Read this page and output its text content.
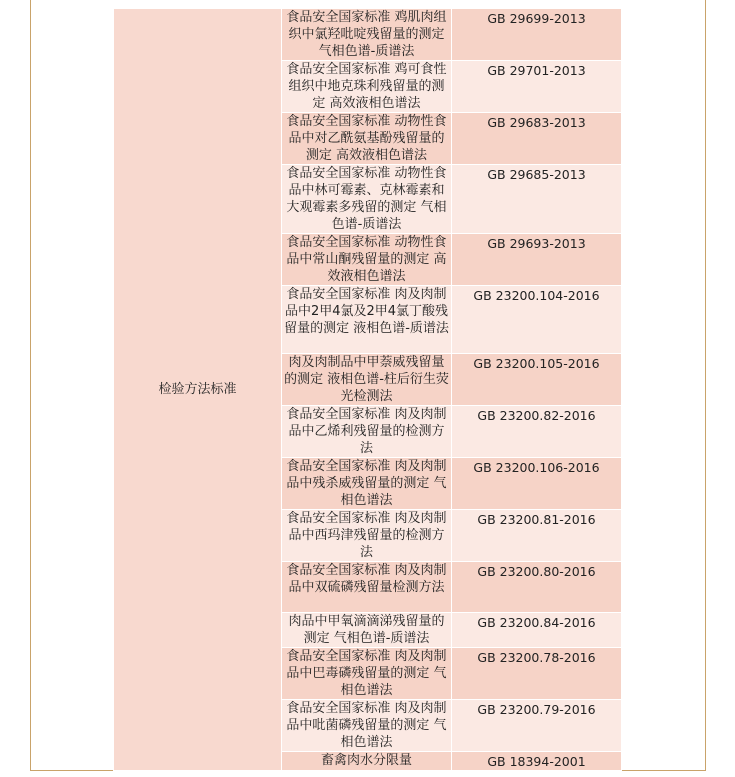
检验方法标准	食品安全国家标准 鸡肌肉组织中氯羟吡啶残留量的测定 气相色谱-质谱法	GB 29699-2013
	食品安全国家标准 鸡可食性组织中地克珠利残留量的测定 高效液相色谱法	GB 29701-2013
	食品安全国家标准 动物性食品中对乙酰氨基酚残留量的测定 高效液相色谱法	GB 29683-2013
	食品安全国家标准 动物性食品中林可霉素、克林霉素和大观霉素多残留的测定 气相色谱-质谱法	GB 29685-2013
	食品安全国家标准 动物性食品中常山酮残留量的测定 高效液相色谱法	GB 29693-2013
	食品安全国家标准 肉及肉制品中2甲4氯及2甲4氯丁酸残留量的测定 液相色谱-质谱法	GB 23200.104-2016
	肉及肉制品中甲萘威残留量的测定 液相色谱-柱后衍生荧光检测法	GB 23200.105-2016
	食品安全国家标准 肉及肉制品中乙烯利残留量的检测方法	GB 23200.82-2016
	食品安全国家标准 肉及肉制品中残杀威残留量的测定 气相色谱法	GB 23200.106-2016
	食品安全国家标准 肉及肉制品中西玛津残留量的检测方法	GB 23200.81-2016
	食品安全国家标准 肉及肉制品中双硫磷残留量检测方法	GB 23200.80-2016
	肉品中甲氧滴滴涕残留量的测定 气相色谱-质谱法	GB 23200.84-2016
	食品安全国家标准 肉及肉制品中巴毒磷残留量的测定 气相色谱法	GB 23200.78-2016
	食品安全国家标准 肉及肉制品中吡菌磷残留量的测定 气相色谱法	GB 23200.79-2016
	畜禽肉水分限量	GB 18394-2001
